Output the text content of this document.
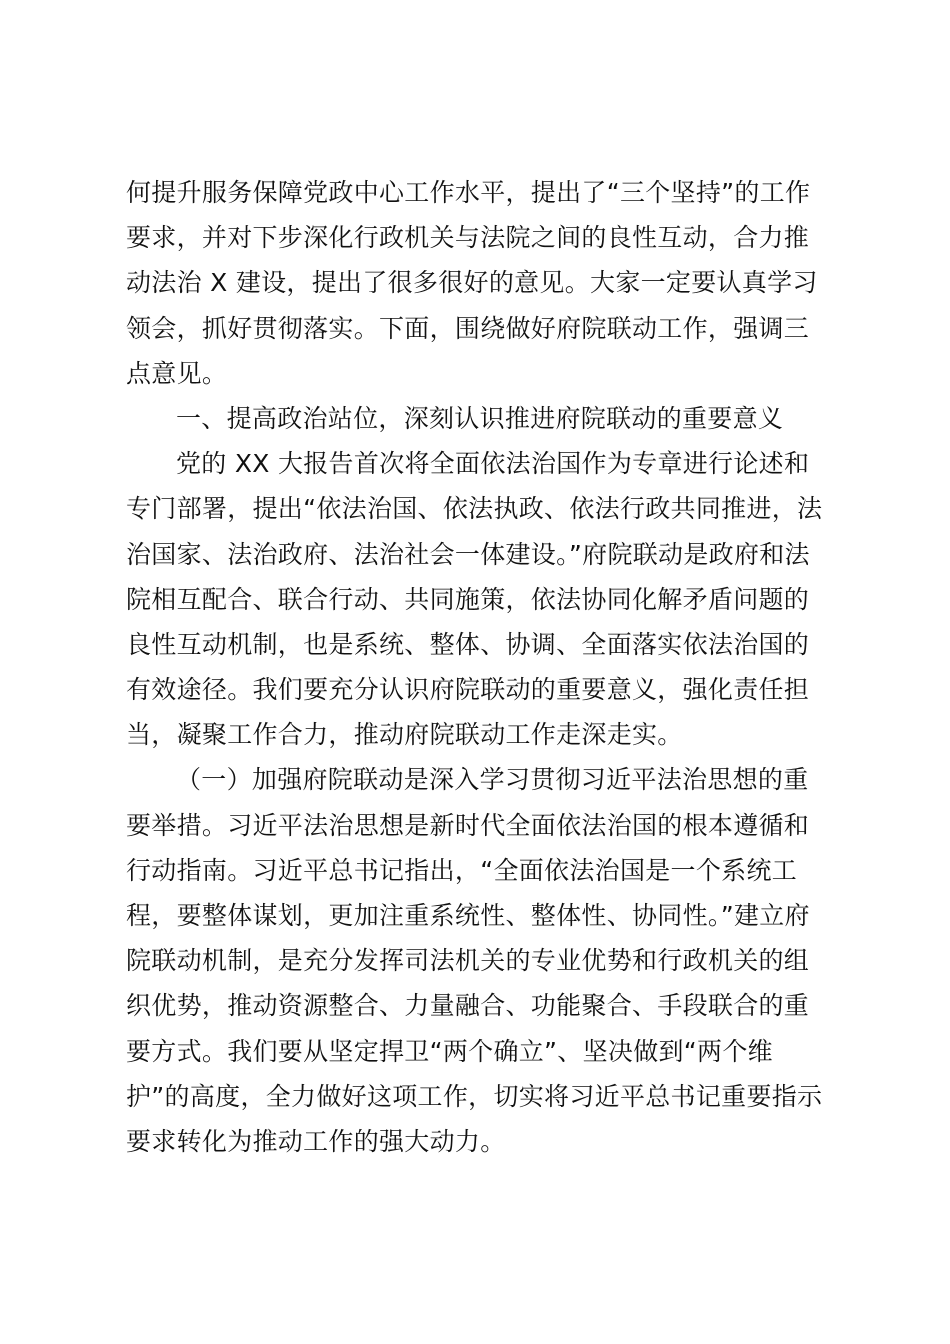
何提升服务保障党政中心工作水平，提出了“三个坚持”的工作
要求，并对下步深化行政机关与法院之间的良性互动，合力推
动法治 X 建设，提出了很多很好的意见。大家一定要认真学习
领会，抓好贯彻落实。下面，围绕做好府院联动工作，强调三
点意见。
一、提高政治站位，深刻认识推进府院联动的重要意义
党的 XX 大报告首次将全面依法治国作为专章进行论述和
专门部署，提出“依法治国、依法执政、依法行政共同推进，法
治国家、法治政府、法治社会一体建设。”府院联动是政府和法
院相互配合、联合行动、共同施策，依法协同化解矛盾问题的
良性互动机制，也是系统、整体、协调、全面落实依法治国的
有效途径。我们要充分认识府院联动的重要意义，强化责任担
当，凝聚工作合力，推动府院联动工作走深走实。
（一）加强府院联动是深入学习贯彻习近平法治思想的重
要举措。习近平法治思想是新时代全面依法治国的根本遵循和
行动指南。习近平总书记指出，“全面依法治国是一个系统工
程，要整体谋划，更加注重系统性、整体性、协同性。”建立府
院联动机制，是充分发挥司法机关的专业优势和行政机关的组
织优势，推动资源整合、力量融合、功能聚合、手段联合的重
要方式。我们要从坚定捍卫“两个确立”、坚决做到“两个维
护”的高度，全力做好这项工作，切实将习近平总书记重要指示
要求转化为推动工作的强大动力。
